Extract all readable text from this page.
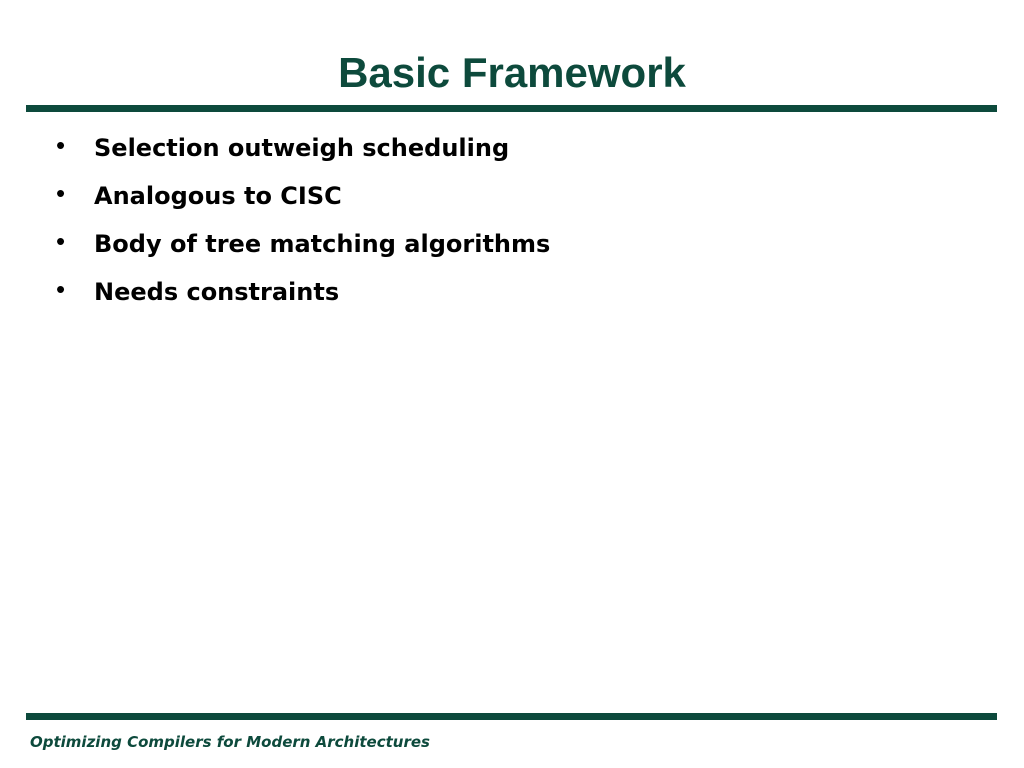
Basic Framework
• Selection outweigh scheduling
• Analogous to CISC
• Body of tree matching algorithms
• Needs constraints
Optimizing Compilers for Modern Architectures
